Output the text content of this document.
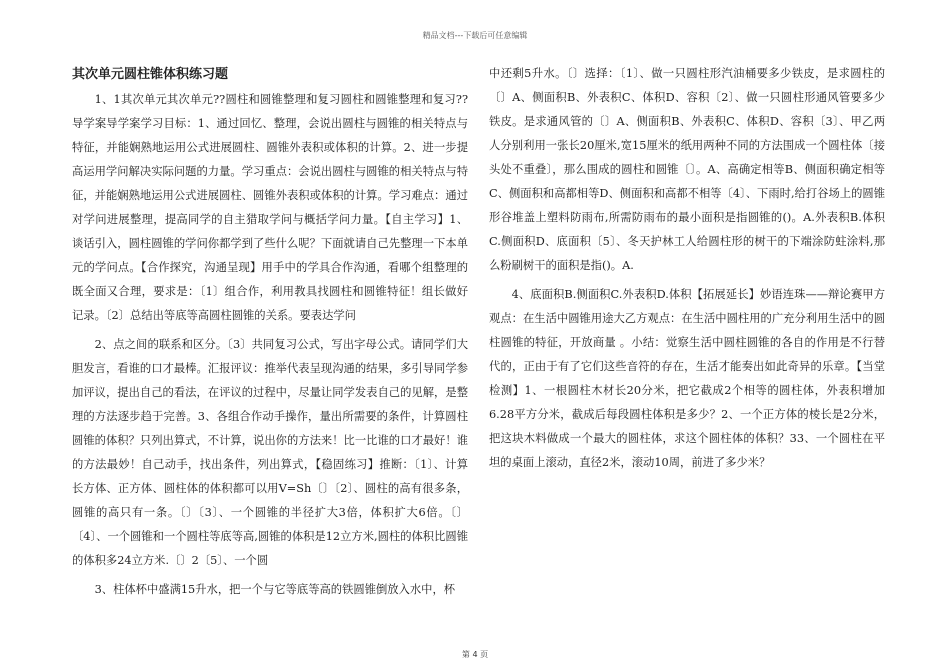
精品文档---下载后可任意编辑
其次单元圆柱锥体积练习题

1、1其次单元其次单元??圆柱和圆锥整理和复习圆柱和圆锥整理和复习??导学案导学案学习目标：1、通过回忆、整理，会说出圆柱与圆锥的相关特点与特征，并能娴熟地运用公式进展圆柱、圆锥外表积或体积的计算。2、进一步提高运用学问解决实际问题的力量。学习重点：会说出圆柱与圆锥的相关特点与特征，并能娴熟地运用公式进展圆柱、圆锥外表积或体积的计算。学习难点：通过对学问进展整理，提高同学的自主猎取学问与概括学问力量。【自主学习】1、谈话引入，圆柱圆锥的学问你都学到了些什么呢？下面就请自己先整理一下本单元的学问点。【合作探究，沟通呈现】用手中的学具合作沟通，看哪个组整理的既全面又合理，要求是：〔1〕组合作，利用教具找圆柱和圆锥特征！组长做好记录。〔2〕总结出等底等高圆柱圆锥的关系。要表达学问

2、点之间的联系和区分。〔3〕共同复习公式，写出字母公式。请同学们大胆发言，看谁的口才最棒。汇报评议：推举代表呈现沟通的结果，多引导同学参加评议，提出自己的看法，在评议的过程中，尽量让同学发表自己的见解，是整理的方法逐步趋于完善。3、各组合作动手操作，量出所需要的条件，计算圆柱圆锥的体积？只列出算式，不计算，说出你的方法来！比一比谁的口才最好！谁的方法最妙！自己动手，找出条件，列出算式，【稳固练习】推断：〔1〕、计算长方体、正方体、圆柱体的体积都可以用V=Sh〔〕〔2〕、圆柱的高有很多条，圆锥的高只有一条。〔〕〔3〕、一个圆锥的半径扩大3倍，体积扩大6倍。〔〕〔4〕、一个圆锥和一个圆柱等底等高,圆锥的体积是12立方米,圆柱的体积比圆锥的体积多24立方米.〔〕2〔5〕、一个圆

3、柱体杯中盛满15升水，把一个与它等底等高的铁圆锥倒放入水中，杯

中还剩5升水。〔〕选择：〔1〕、做一只圆柱形汽油桶要多少铁皮，是求圆柱的〔〕A、侧面积B、外表积C、体积D、容积〔2〕、做一只圆柱形通风管要多少铁皮。是求通风管的〔〕A、侧面积B、外表积C、体积D、容积〔3〕、甲乙两人分别利用一张长20厘米,宽15厘米的纸用两种不同的方法围成一个圆柱体〔接头处不重叠〕，那么围成的圆柱和圆锥〔〕。A、高确定相等B、侧面积确定相等C、侧面积和高都相等D、侧面积和高都不相等〔4〕、下雨时,给打谷场上的圆锥形谷堆盖上塑料防雨布,所需防雨布的最小面积是指圆锥的()。A.外表积B.体积C.侧面积D、底面积〔5〕、冬天护林工人给圆柱形的树干的下端涂防蛀涂料,那么粉刷树干的面积是指()。A.

4、底面积B.侧面积C.外表积D.体积【拓展延长】妙语连珠——辩论赛甲方观点：在生活中圆锥用途大乙方观点：在生活中圆柱用的广充分利用生活中的圆柱圆锥的特征，开放商量 。小结：觉察生活中圆柱圆锥的各自的作用是不行替代的，正由于有了它们这些音符的存在，生活才能奏出如此奇异的乐章。【当堂检测】1、一根圆柱木材长20分米，把它截成2个相等的圆柱体，外表积增加6.28平方分米，截成后每段圆柱体积是多少？2、一个正方体的棱长是2分米，把这块木料做成一个最大的圆柱体，求这个圆柱体的体积？33、一个圆柱在平坦的桌面上滚动，直径2米，滚动10周，前进了多少米？

第 4 页
